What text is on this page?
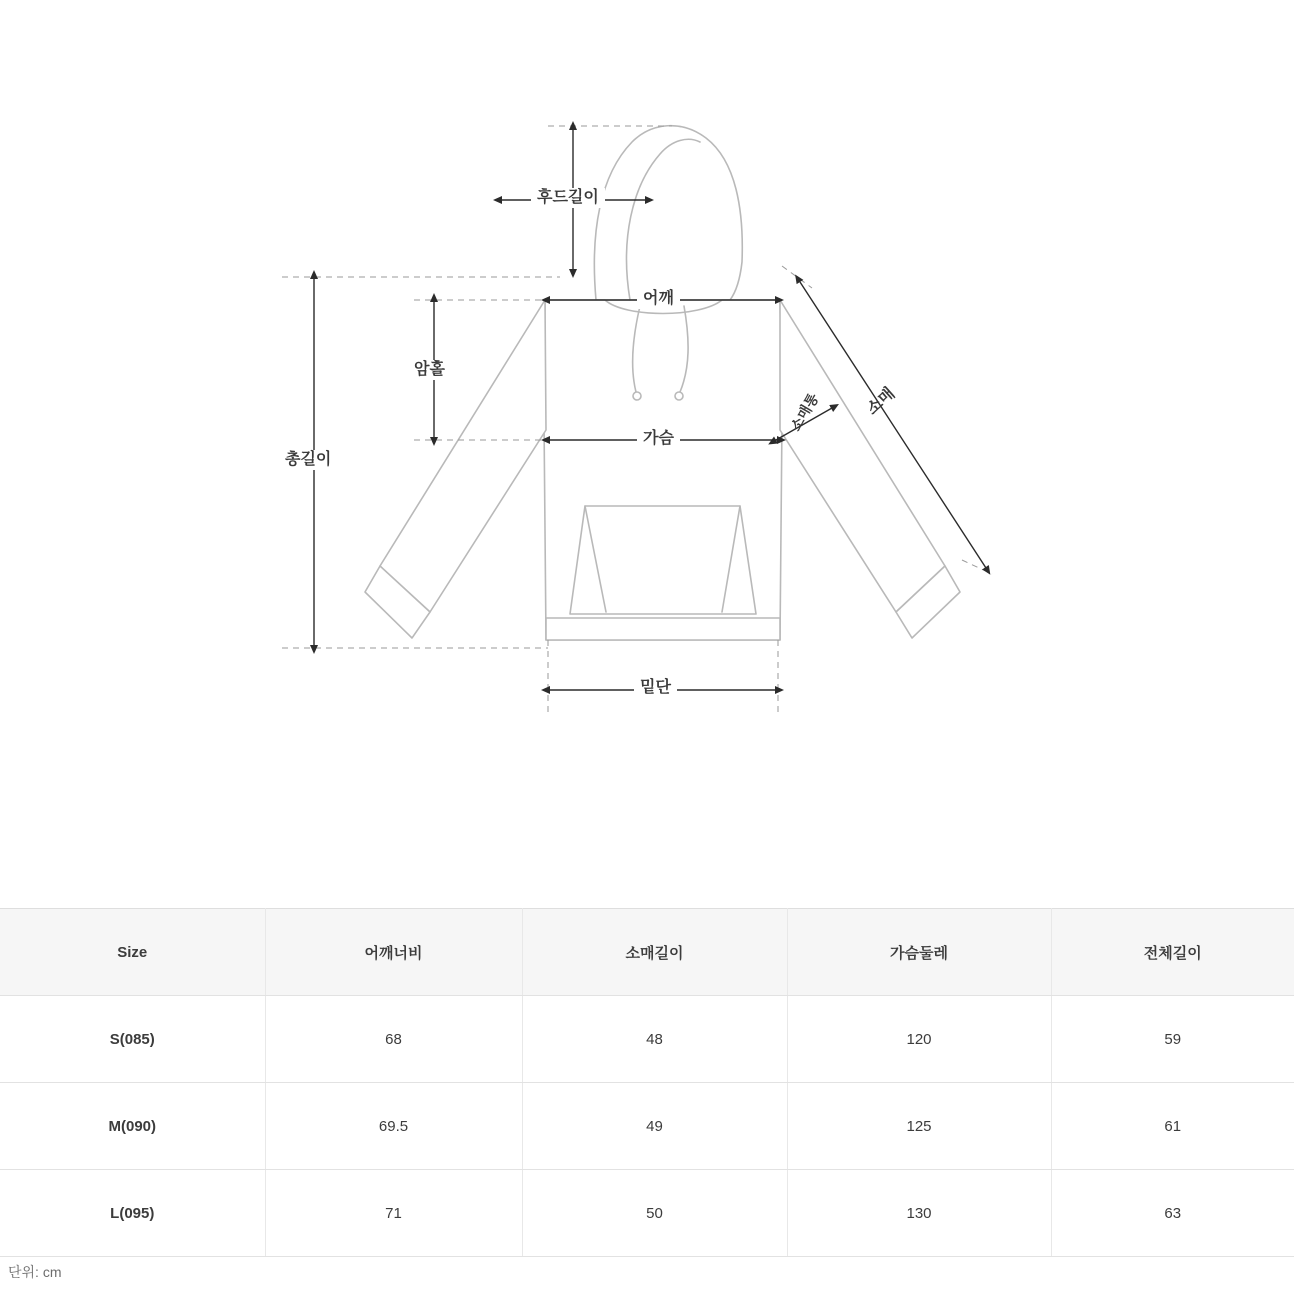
후드길이
어깨
암홀
가슴
소매통	소매
총길이
밑단
Size	어깨너비	소매길이	가슴둘레	전체길이
S(085)	68	48	120	59
M(090)	69.5	49	125	61
L(095)	71	50	130	63
단위: cm
